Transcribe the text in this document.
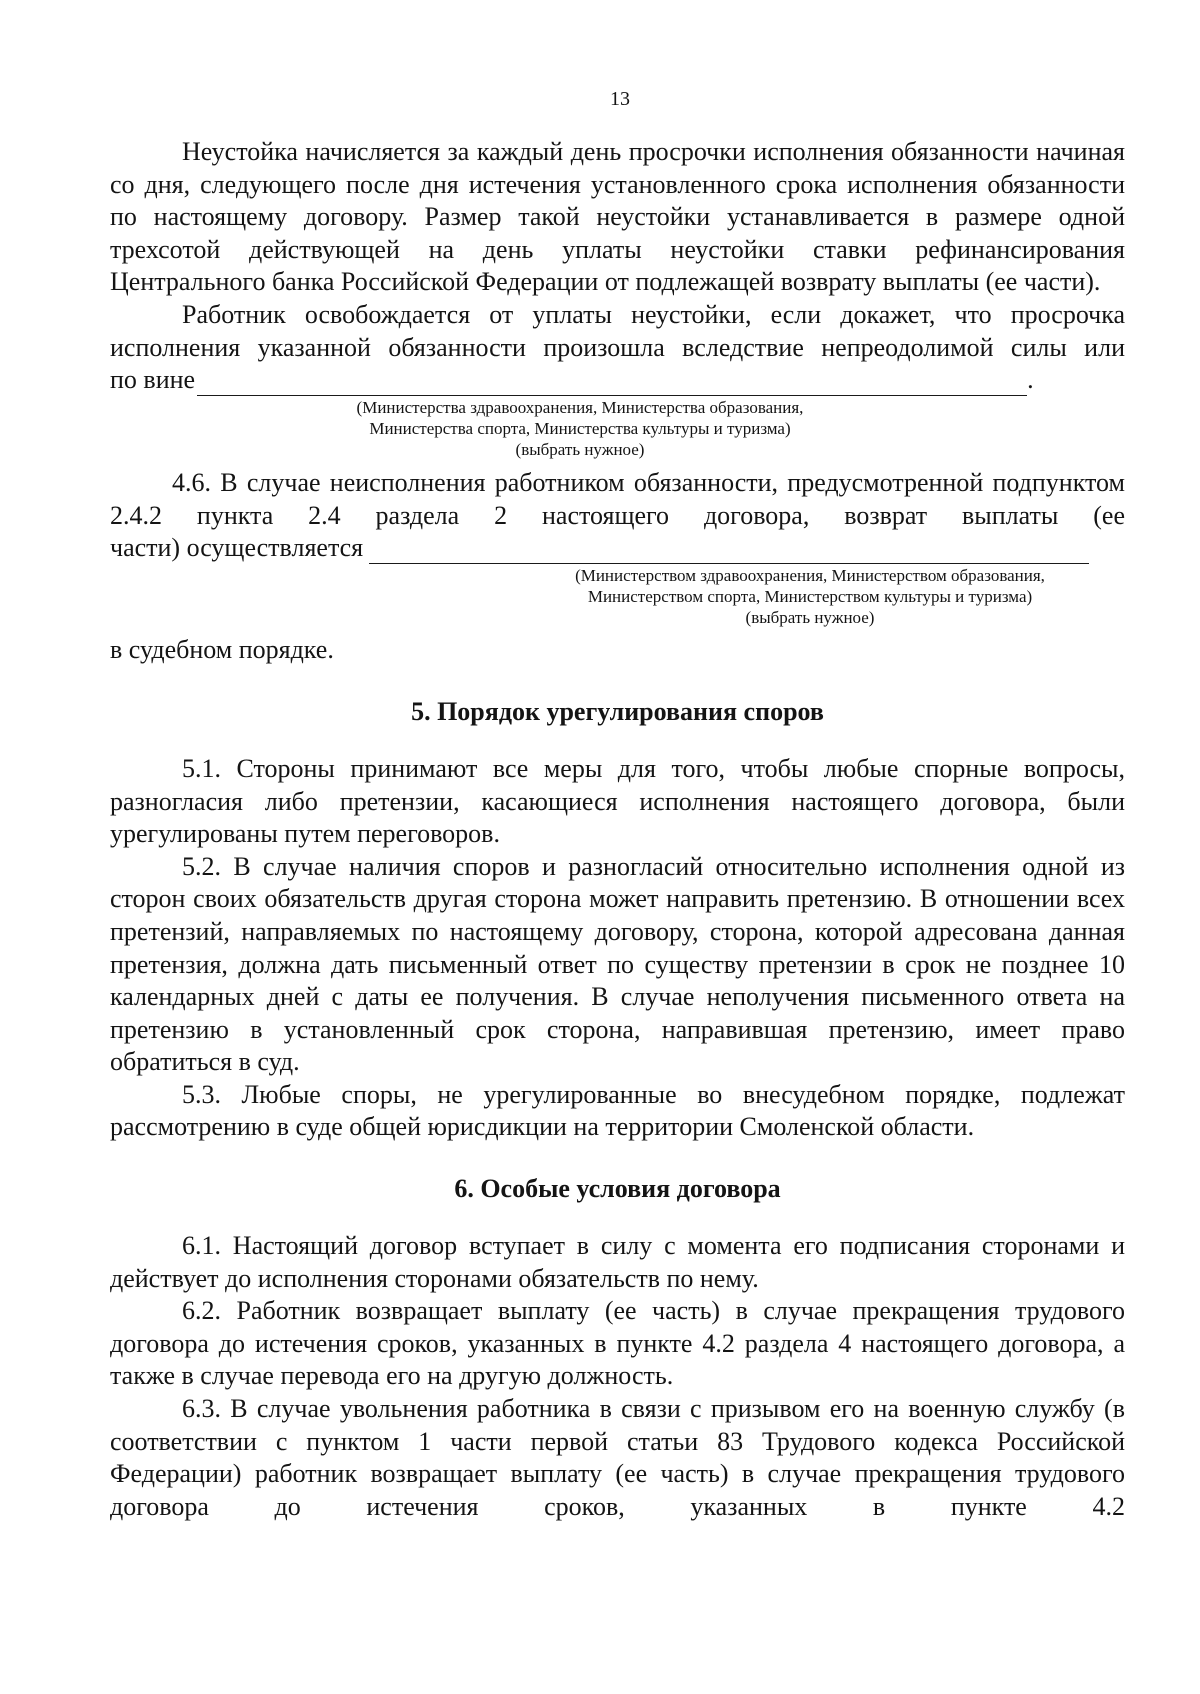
13

Неустойка начисляется за каждый день просрочки исполнения обязанности начиная со дня, следующего после дня истечения установленного срока исполнения обязанности по настоящему договору. Размер такой неустойки устанавливается в размере одной трехсотой действующей на день уплаты неустойки ставки рефинансирования Центрального банка Российской Федерации от подлежащей возврату выплаты (ее части).

Работник освобождается от уплаты неустойки, если докажет, что просрочка исполнения указанной обязанности произошла вследствие непреодолимой силы или

по вине	.

(Министерства здравоохранения, Министерства образования,

Министерства спорта, Министерства культуры и туризма)

(выбрать нужное)

4.6. В случае неисполнения работником обязанности, предусмотренной подпунктом 2.4.2 пункта 2.4 раздела 2 настоящего договора, возврат выплаты (ее

части) осуществляется

(Министерством здравоохранения, Министерством образования,

Министерством спорта, Министерством культуры и туризма)

(выбрать нужное)

в судебном порядке.

5. Порядок урегулирования споров

5.1. Стороны принимают все меры для того, чтобы любые спорные вопросы, разногласия либо претензии, касающиеся исполнения настоящего договора, были урегулированы путем переговоров.

5.2. В случае наличия споров и разногласий относительно исполнения одной из сторон своих обязательств другая сторона может направить претензию. В отношении всех претензий, направляемых по настоящему договору, сторона, которой адресована данная претензия, должна дать письменный ответ по существу претензии в срок не позднее 10 календарных дней с даты ее получения. В случае неполучения письменного ответа на претензию в установленный срок сторона, направившая претензию, имеет право обратиться в суд.

5.3. Любые споры, не урегулированные во внесудебном порядке, подлежат рассмотрению в суде общей юрисдикции на территории Смоленской области.

6. Особые условия договора

6.1. Настоящий договор вступает в силу с момента его подписания сторонами и действует до исполнения сторонами обязательств по нему.

6.2. Работник возвращает выплату (ее часть) в случае прекращения трудового договора до истечения сроков, указанных в пункте 4.2 раздела 4 настоящего договора, а также в случае перевода его на другую должность.

6.3. В случае увольнения работника в связи с призывом его на военную службу (в соответствии с пунктом 1 части первой статьи 83 Трудового кодекса Российской Федерации) работник возвращает выплату (ее часть) в случае прекращения трудового договора до истечения сроков, указанных в пункте 4.2
